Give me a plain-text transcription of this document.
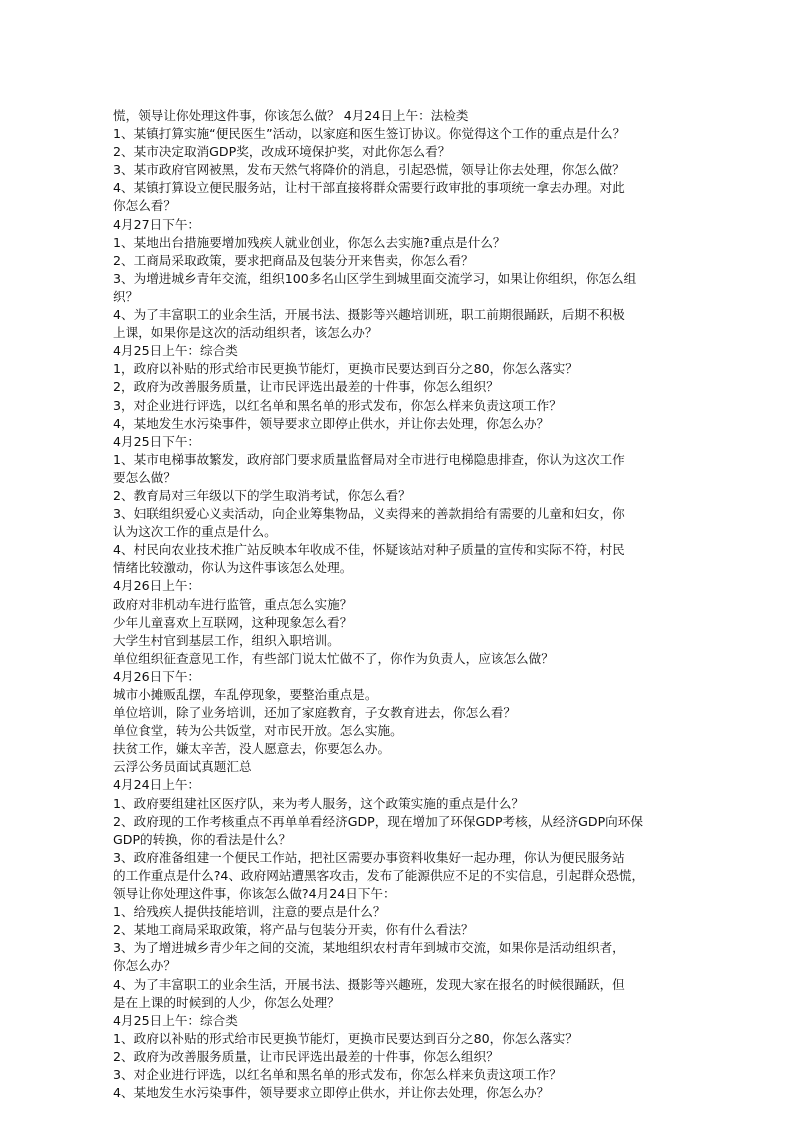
慌，领导让你处理这件事，你该怎么做？ 4月24日上午：法检类
1、某镇打算实施“便民医生”活动，以家庭和医生签订协议。你觉得这个工作的重点是什么？
2、某市决定取消GDP奖，改成环境保护奖，对此你怎么看？
3、某市政府官网被黑，发布天然气将降价的消息，引起恐慌，领导让你去处理，你怎么做？
4、某镇打算设立便民服务站，让村干部直接将群众需要行政审批的事项统一拿去办理。对此
你怎么看？
4月27日下午：
1、某地出台措施要增加残疾人就业创业，你怎么去实施?重点是什么？
2、工商局采取政策，要求把商品及包装分开来售卖，你怎么看？
3、为增进城乡青年交流，组织100多名山区学生到城里面交流学习，如果让你组织，你怎么组
织？
4、为了丰富职工的业余生活，开展书法、摄影等兴趣培训班，职工前期很踊跃，后期不积极
上课，如果你是这次的活动组织者，该怎么办？
4月25日上午：综合类
1，政府以补贴的形式给市民更换节能灯，更换市民要达到百分之80，你怎么落实？
2，政府为改善服务质量，让市民评选出最差的十件事，你怎么组织？
3，对企业进行评选，以红名单和黑名单的形式发布，你怎么样来负责这项工作？
4，某地发生水污染事件，领导要求立即停止供水，并让你去处理，你怎么办？
4月25日下午：
1、某市电梯事故繁发，政府部门要求质量监督局对全市进行电梯隐患排查，你认为这次工作
要怎么做？
2、教育局对三年级以下的学生取消考试，你怎么看？
3、妇联组织爱心义卖活动，向企业筹集物品，义卖得来的善款捐给有需要的儿童和妇女，你
认为这次工作的重点是什么。
4、村民向农业技术推广站反映本年收成不佳，怀疑该站对种子质量的宣传和实际不符，村民
情绪比较激动，你认为这件事该怎么处理。
4月26日上午：
政府对非机动车进行监管，重点怎么实施？
少年儿童喜欢上互联网，这种现象怎么看？
大学生村官到基层工作，组织入职培训。
单位组织征查意见工作，有些部门说太忙做不了，你作为负责人，应该怎么做？
4月26日下午：
城市小摊贩乱摆，车乱停现象，要整治重点是。
单位培训，除了业务培训，还加了家庭教育，子女教育进去，你怎么看？
单位食堂，转为公共饭堂，对市民开放。怎么实施。
扶贫工作，嫌太辛苦，没人愿意去，你要怎么办。
云浮公务员面试真题汇总
4月24日上午：
1、政府要组建社区医疗队，来为考人服务，这个政策实施的重点是什么？
2、政府现的工作考核重点不再单单看经济GDP，现在增加了环保GDP考核，从经济GDP向环保
GDP的转换，你的看法是什么？
3、政府准备组建一个便民工作站，把社区需要办事资料收集好一起办理，你认为便民服务站
的工作重点是什么?4、政府网站遭黑客攻击，发布了能源供应不足的不实信息，引起群众恐慌，
领导让你处理这件事，你该怎么做?4月24日下午：
1、给残疾人提供技能培训，注意的要点是什么？
2、某地工商局采取政策，将产品与包装分开卖，你有什么看法？
3、为了增进城乡青少年之间的交流，某地组织农村青年到城市交流，如果你是活动组织者，
你怎么办？
4、为了丰富职工的业余生活，开展书法、摄影等兴趣班，发现大家在报名的时候很踊跃，但
是在上课的时候到的人少，你怎么处理？
4月25日上午：综合类
1、政府以补贴的形式给市民更换节能灯，更换市民要达到百分之80，你怎么落实？
2、政府为改善服务质量，让市民评选出最差的十件事，你怎么组织？
3、对企业进行评选，以红名单和黑名单的形式发布，你怎么样来负责这项工作？
4、某地发生水污染事件，领导要求立即停止供水，并让你去处理，你怎么办？
